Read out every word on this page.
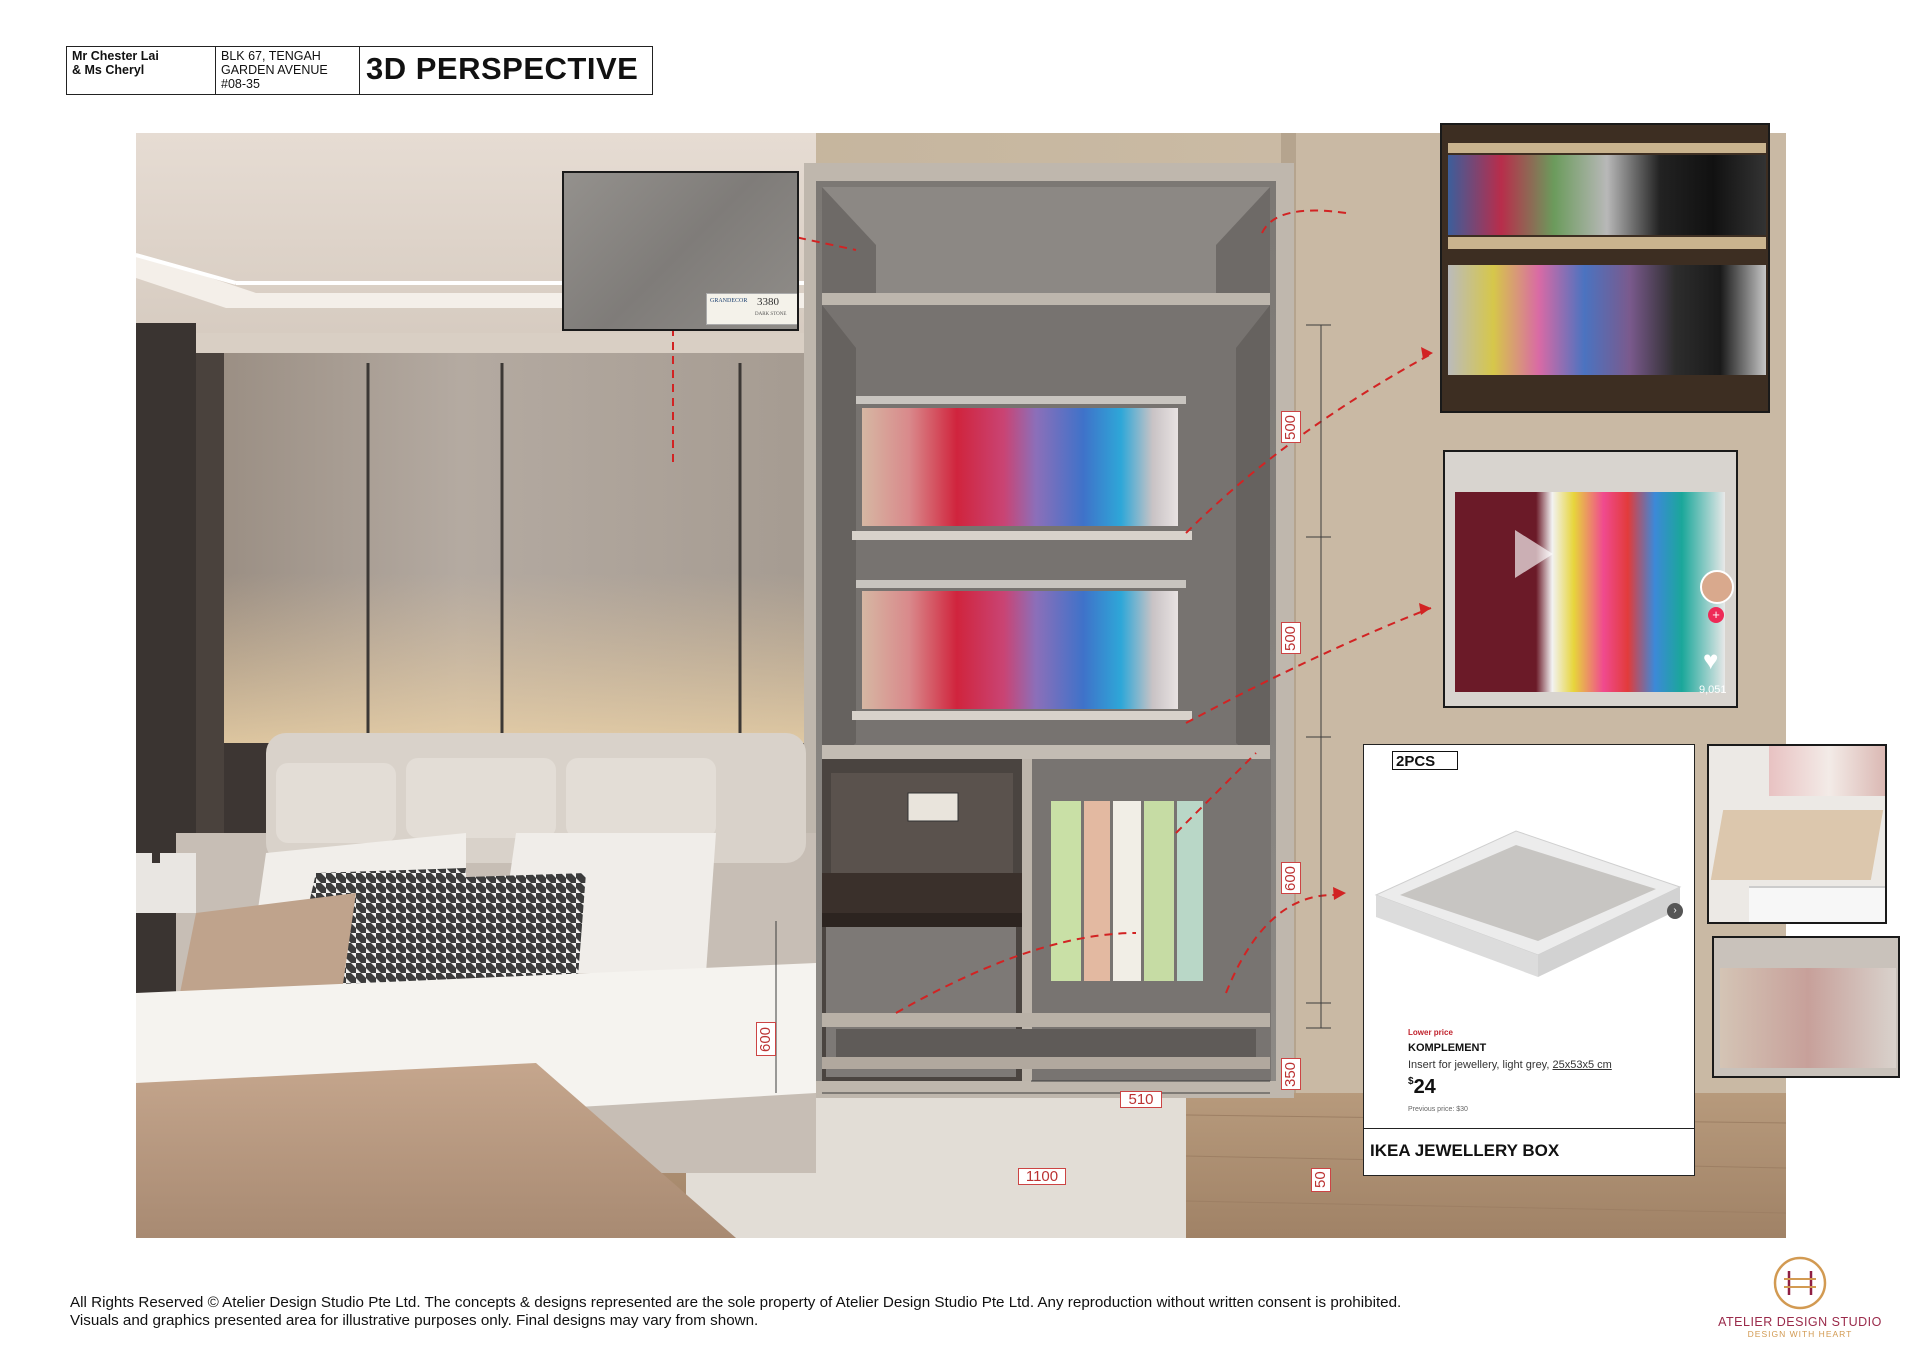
Mr Chester Lai
& Ms Cheryl
BLK 67, TENGAH
GARDEN AVENUE
#08-35	3D PERSPECTIVE
GRANDECOR 3380
DARK STONE
+
♥
9,051
2PCS
›
Lower price
KOMPLEMENT
Insert for jewellery, light grey, 25x53x5 cm
$24
Previous price: $30
IKEA JEWELLERY BOX
500
500
600
350
50
600
510
1100
All Rights Reserved © Atelier Design Studio Pte Ltd. The concepts & designs represented are the sole property of Atelier Design Studio Pte Ltd. Any reproduction without written consent is prohibited.
Visuals and graphics presented area for illustrative purposes only. Final designs may vary from shown.	ATELIER DESIGN STUDIO
DESIGN WITH HEART
